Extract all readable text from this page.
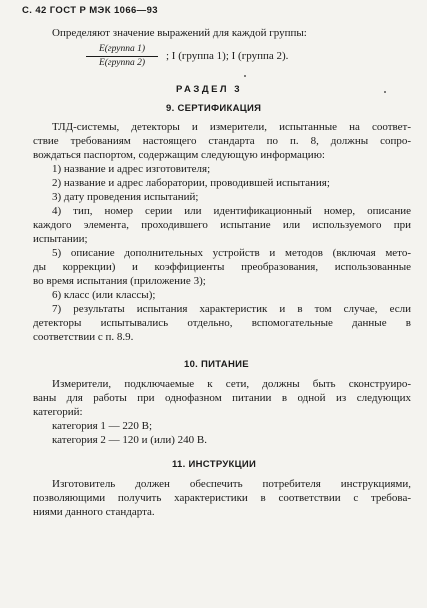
С. 42 ГОСТ Р МЭК 1066—93
Определяют значение выражений для каждой группы:
E(группа 1)
E(группа 2)
; I (группа 1); I (группа 2).
РАЗДЕЛ 3
9. СЕРТИФИКАЦИЯ
ТЛД-системы, детекторы и измерители, испытанные на соответ-
ствие требованиям настоящего стандарта по п. 8, должны сопро-
вождаться паспортом, содержащим следующую информацию:
1) название и адрес изготовителя;
2) название и адрес лаборатории, проводившей испытания;
3) дату проведения испытаний;
4) тип, номер серии или идентификационный номер, описание
каждого элемента, проходившего испытание или используемого при
испытании;
5) описание дополнительных устройств и методов (включая мето-
ды коррекции) и коэффициенты преобразования, использованные
во время испытания (приложение 3);
6) класс (или классы);
7) результаты испытания характеристик и в том случае, если
детекторы испытывались отдельно, вспомогательные данные в
соответствии с п. 8.9.
10. ПИТАНИЕ
Измерители, подключаемые к сети, должны быть сконструиро-
ваны для работы при однофазном питании в одной из следующих
категорий:
категория 1 — 220 В;
категория 2 — 120 и (или) 240 В.
11. ИНСТРУКЦИИ
Изготовитель должен обеспечить потребителя инструкциями,
позволяющими получить характеристики в соответствии с требова-
ниями данного стандарта.
